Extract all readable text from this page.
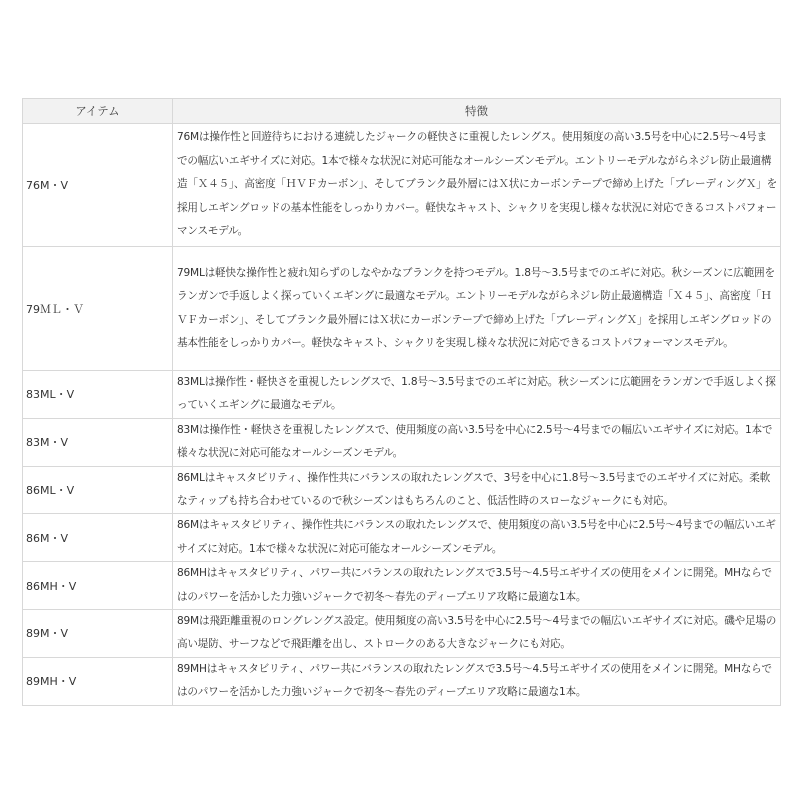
アイテム	特徴
76M・V	76Mは操作性と回遊待ちにおける連続したジャークの軽快さに重視したレングス。使用頻度の高い3.5号を中心に2.5号～4号までの幅広いエギサイズに対応。1本で様々な状況に対応可能なオールシーズンモデル。エントリーモデルながらネジレ防止最適構造「Ｘ４５」、高密度「ＨＶＦカーボン」、そしてブランク最外層にはＸ状にカーボンテープで締め上げた「ブレーディングＸ」を採用しエギングロッドの基本性能をしっかりカバー。軽快なキャスト、シャクリを実現し様々な状況に対応できるコストパフォーマンスモデル。
79ＭＬ・Ｖ	79MLは軽快な操作性と疲れ知らずのしなやかなブランクを持つモデル。1.8号～3.5号までのエギに対応。秋シーズンに広範囲をランガンで手返しよく探っていくエギングに最適なモデル。エントリーモデルながらネジレ防止最適構造「Ｘ４５」、高密度「ＨＶＦカーボン」、そしてブランク最外層にはＸ状にカーボンテープで締め上げた「ブレーディングＸ」を採用しエギングロッドの基本性能をしっかりカバー。軽快なキャスト、シャクリを実現し様々な状況に対応できるコストパフォーマンスモデル。
83ML・V	83MLは操作性・軽快さを重視したレングスで、1.8号～3.5号までのエギに対応。秋シーズンに広範囲をランガンで手返しよく探っていくエギングに最適なモデル。
83M・V	83Mは操作性・軽快さを重視したレングスで、使用頻度の高い3.5号を中心に2.5号～4号までの幅広いエギサイズに対応。1本で様々な状況に対応可能なオールシーズンモデル。
86ML・V	86MLはキャスタビリティ、操作性共にバランスの取れたレングスで、3号を中心に1.8号～3.5号までのエギサイズに対応。柔軟なティップも持ち合わせているので秋シーズンはもちろんのこと、低活性時のスローなジャークにも対応。
86M・V	86Mはキャスタビリティ、操作性共にバランスの取れたレングスで、使用頻度の高い3.5号を中心に2.5号～4号までの幅広いエギサイズに対応。1本で様々な状況に対応可能なオールシーズンモデル。
86MH・V	86MHはキャスタビリティ、パワー共にバランスの取れたレングスで3.5号～4.5号エギサイズの使用をメインに開発。MHならではのパワーを活かした力強いジャークで初冬～春先のディープエリア攻略に最適な1本。
89M・V	89Mは飛距離重視のロングレングス設定。使用頻度の高い3.5号を中心に2.5号～4号までの幅広いエギサイズに対応。磯や足場の高い堤防、サーフなどで飛距離を出し、ストロークのある大きなジャークにも対応。
89MH・V	89MHはキャスタビリティ、パワー共にバランスの取れたレングスで3.5号～4.5号エギサイズの使用をメインに開発。MHならではのパワーを活かした力強いジャークで初冬～春先のディープエリア攻略に最適な1本。
